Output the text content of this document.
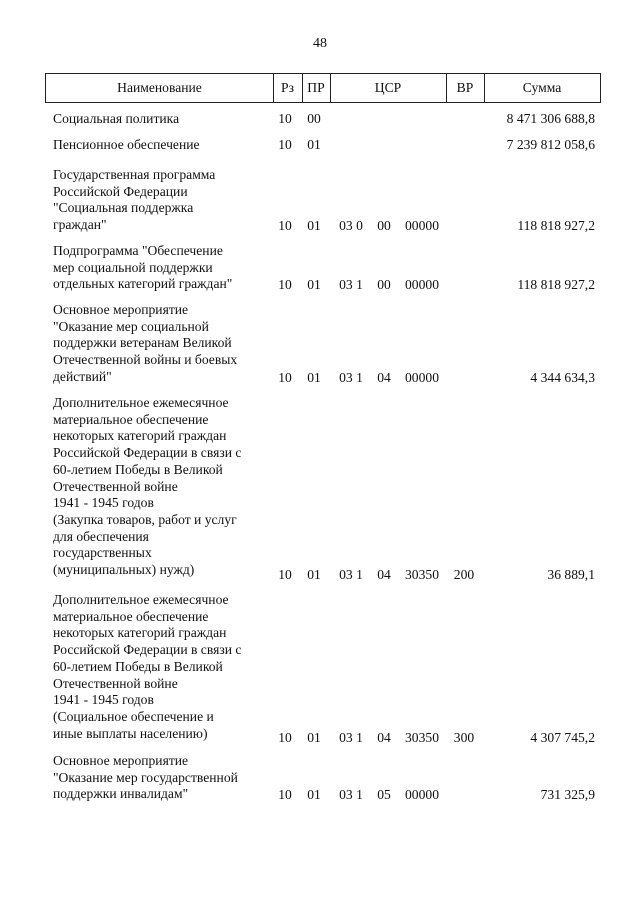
48
Наименование	Рз ПР	ЦСР	ВР	Сумма
Социальная политика	10	00	8 471 306 688,8
Пенсионное обеспечение	10	01	7 239 812 058,6
Государственная программа
Российской Федерации
"Социальная поддержка
граждан"	10	01	03 0	00	00000	118 818 927,2
Подпрограмма "Обеспечение
мер социальной поддержки
отдельных категорий граждан"	10	01	03 1	00	00000	118 818 927,2
Основное мероприятие
"Оказание мер социальной
поддержки ветеранам Великой
Отечественной войны и боевых
действий"	10	01	03 1	04	00000	4 344 634,3
Дополнительное ежемесячное
материальное обеспечение
некоторых категорий граждан
Российской Федерации в связи с
60-летием Победы в Великой
Отечественной войне
1941 - 1945 годов
(Закупка товаров, работ и услуг
для обеспечения
государственных
(муниципальных) нужд)	10	01	03 1	04	30350	200	36 889,1
Дополнительное ежемесячное
материальное обеспечение
некоторых категорий граждан
Российской Федерации в связи с
60-летием Победы в Великой
Отечественной войне
1941 - 1945 годов
(Социальное обеспечение и
иные выплаты населению)	10	01	03 1	04	30350	300	4 307 745,2
Основное мероприятие
"Оказание мер государственной
поддержки инвалидам"	10	01	03 1	05	00000	731 325,9
